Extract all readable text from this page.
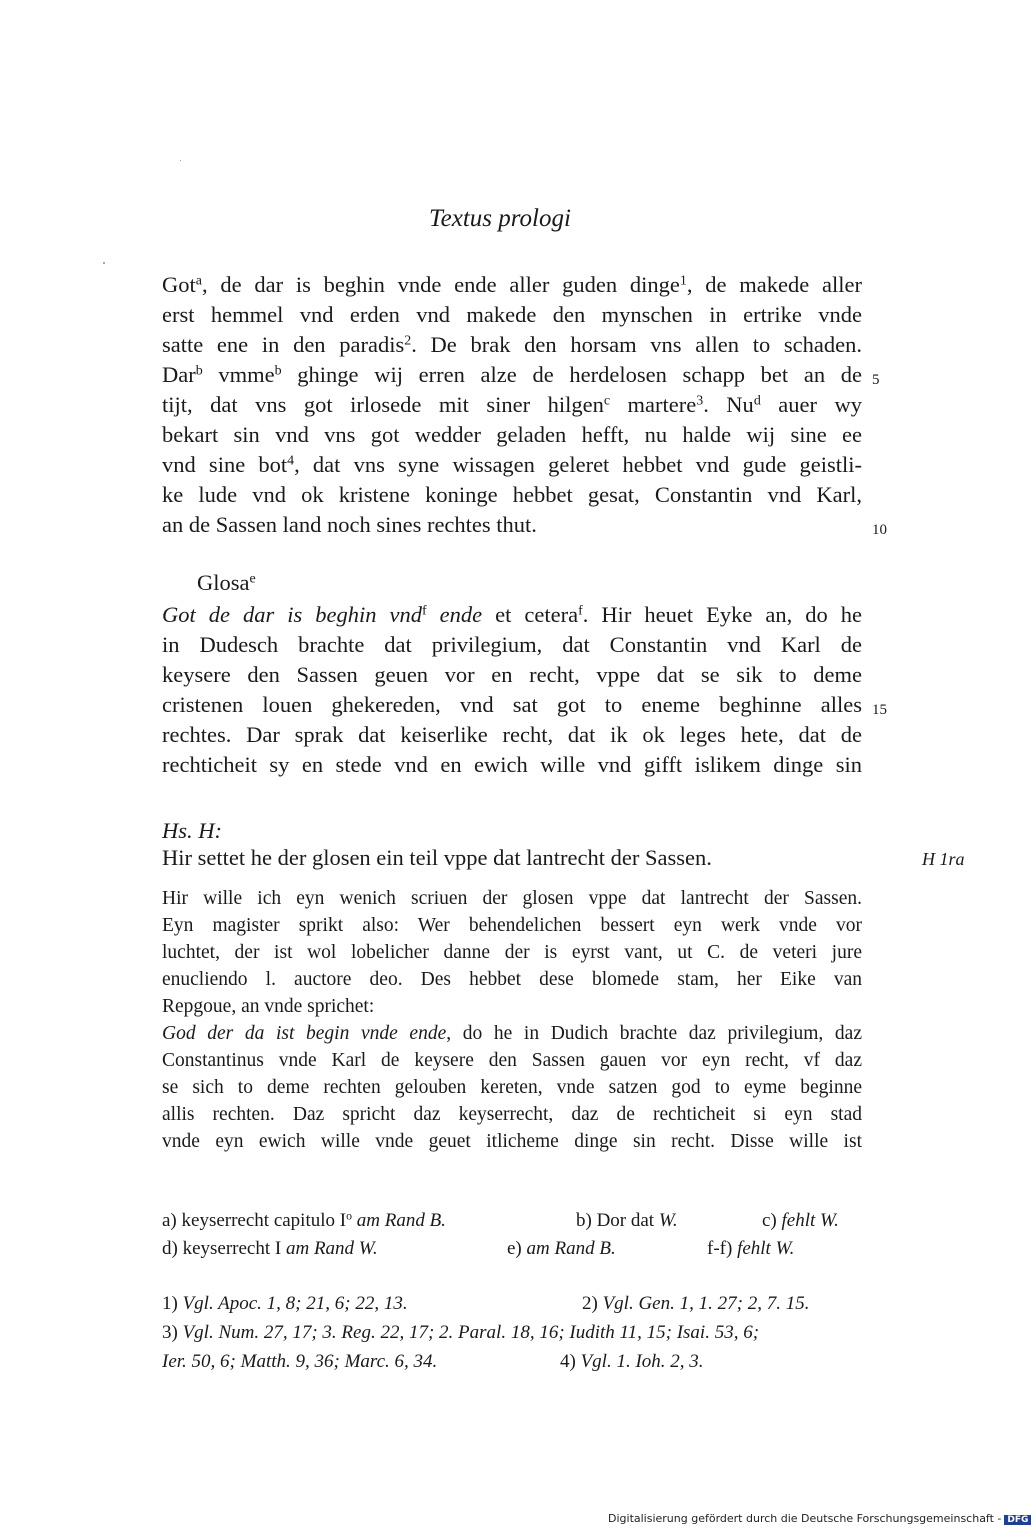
Textus prologi
Got$^a$, de dar is beghin vnde ende aller guden dinge$^1$, de makede aller
erst hemmel vnd erden vnd makede den mynschen in ertrike vnde
satte ene in den paradis$^2$. De brak den horsam vns allen to schaden.
Dar$^b$ vmme$^b$ ghinge wij erren alze de herdelosen schapp bet an de
tijt, dat vns got irlosede mit siner hilgen$^c$ martere$^3$. Nu$^d$ auer wy
bekart sin vnd vns got wedder geladen hefft, nu halde wij sine ee
vnd sine bot$^4$, dat vns syne wissagen geleret hebbet vnd gude geistli-
ke lude vnd ok kristene koninge hebbet gesat, Constantin vnd Karl,
an de Sassen land noch sines rechtes thut.
Glosa$^e$
Got de dar is beghin vnd$^f$ ende et cetera$^f$. Hir heuet Eyke an, do he
in Dudesch brachte dat privilegium, dat Constantin vnd Karl de
keysere den Sassen geuen vor en recht, vppe dat se sik to deme
cristenen louen ghekereden, vnd sat got to eneme beghinne alles
rechtes. Dar sprak dat keiserlike recht, dat ik ok leges hete, dat de
rechticheit sy en stede vnd en ewich wille vnd gifft islikem dinge sin
Hs. H:
Hir settet he der glosen ein teil vppe dat lantrecht der Sassen.	H 1ra
Hir wille ich eyn wenich scriuen der glosen vppe dat lantrecht der Sassen.
Eyn magister sprikt also: Wer behendelichen bessert eyn werk vnde vor
luchtet, der ist wol lobelicher danne der is eyrst vant, ut C. de veteri jure
enucliendo l. auctore deo. Des hebbet dese blomede stam, her Eike van
Repgoue, an vnde sprichet:
God der da ist begin vnde ende, do he in Dudich brachte daz privilegium, daz
Constantinus vnde Karl de keysere den Sassen gauen vor eyn recht, vf daz
se sich to deme rechten gelouben kereten, vnde satzen god to eyme beginne
allis rechten. Daz spricht daz keyserrecht, daz de rechticheit si eyn stad
vnde eyn ewich wille vnde geuet itlicheme dinge sin recht. Disse wille ist
a) keyserrecht capitulo $I^o$ am Rand B.	b) Dor dat W.	c) fehlt W.
d) keyserrecht I am Rand W.	e) am Rand B.	f-f) fehlt W.
1) Vgl. Apoc. 1, 8; 21, 6; 22, 13.	2) Vgl. Gen. 1, 1. 27; 2, 7. 15.
3) Vgl. Num. 27, 17; 3. Reg. 22, 17; 2. Paral. 18, 16; Iudith 11, 15; Isai. 53, 6;
Ier. 50, 6; Matth. 9, 36; Marc. 6, 34.	4) Vgl. 1. Ioh. 2, 3.
Digitalisierung gefördert durch die Deutsche Forschungsgemeinschaft - DFG
5
10
15
